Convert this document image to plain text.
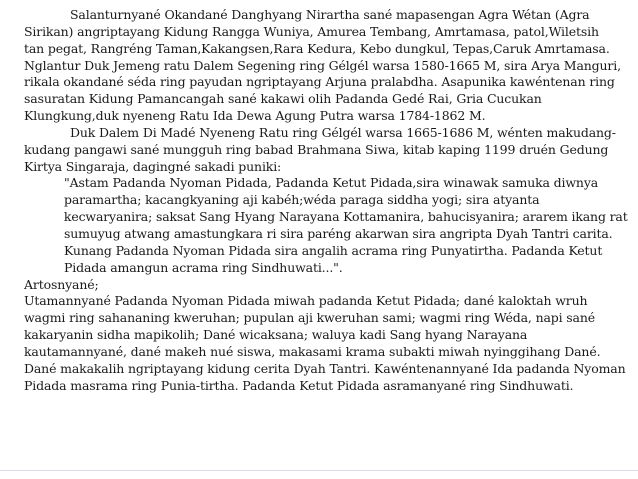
Salanturnyané Okandané Danghyang Nirartha sané mapasengan Agra Wétan (Agra
Sirikan) angriptayang Kidung Rangga Wuniya, Amurea Tembang, Amrtamasa, patol,Wiletsih
tan pegat, Rangréng Taman,Kakangsen,Rara Kedura, Kebo dungkul, Tepas,Caruk Amrtamasa.
Nglantur Duk Jemeng ratu Dalem Segening ring Gélgél warsa 1580-1665 M, sira Arya Manguri,
rikala okandané séda ring payudan ngriptayang Arjuna pralabdha. Asapunika kawéntenan ring
sasuratan Kidung Pamancangah sané kakawi olih Padanda Gedé Rai, Gria Cucukan
Klungkung,duk nyeneng Ratu Ida Dewa Agung Putra warsa 1784-1862 M.
Duk Dalem Di Madé Nyeneng Ratu ring Gélgél warsa 1665-1686 M, wénten makudang-
kudang pangawi sané mungguh ring babad Brahmana Siwa, kitab kaping 1199 druén Gedung
Kirtya Singaraja, dagingné sakadi puniki:
"Astam Padanda Nyoman Pidada, Padanda Ketut Pidada,sira winawak samuka diwnya
paramartha; kacangkyaning aji kabéh;wéda paraga siddha yogi; sira atyanta
kecwaryanira; saksat Sang Hyang Narayana Kottamanira, bahucisyanira; ararem ikang rat
sumuyug atwang amastungkara ri sira paréng akarwan sira angripta Dyah Tantri carita.
Kunang Padanda Nyoman Pidada sira angalih acrama ring Punyatirtha. Padanda Ketut
Pidada amangun acrama ring Sindhuwati...".
Artosnyané;
Utamannyané Padanda Nyoman Pidada miwah padanda Ketut Pidada; dané kaloktah wruh
wagmi ring sahananing kweruhan; pupulan aji kweruhan sami; wagmi ring Wéda, napi sané
kakaryanin sidha mapikolih; Dané wicaksana; waluya kadi Sang hyang Narayana
kautamannyané, dané makeh nué siswa, makasami krama subakti miwah nyinggihang Dané.
Dané makakalih ngriptayang kidung cerita Dyah Tantri. Kawéntenannyané Ida padanda Nyoman
Pidada masrama ring Punia-tirtha. Padanda Ketut Pidada asramanyané ring Sindhuwati.
